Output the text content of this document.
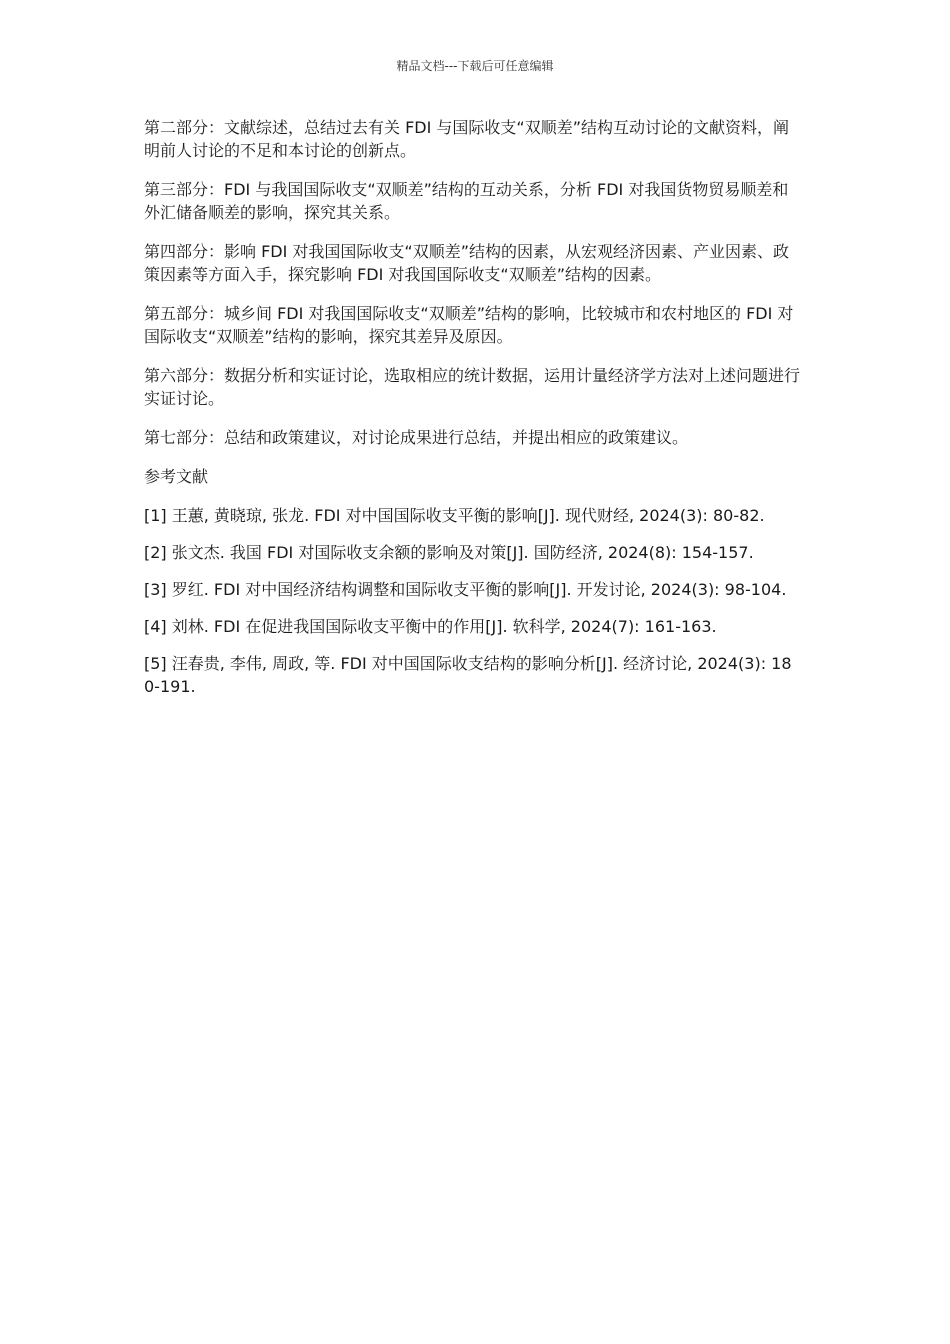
精品文档---下载后可任意编辑

第二部分：文献综述，总结过去有关 FDI 与国际收支“双顺差”结构互动讨论的文献资料，阐明前人讨论的不足和本讨论的创新点。

第三部分：FDI 与我国国际收支“双顺差”结构的互动关系，分析 FDI 对我国货物贸易顺差和外汇储备顺差的影响，探究其关系。

第四部分：影响 FDI 对我国国际收支“双顺差”结构的因素，从宏观经济因素、产业因素、政策因素等方面入手，探究影响 FDI 对我国国际收支“双顺差”结构的因素。

第五部分：城乡间 FDI 对我国国际收支“双顺差”结构的影响，比较城市和农村地区的 FDI 对国际收支“双顺差”结构的影响，探究其差异及原因。

第六部分：数据分析和实证讨论，选取相应的统计数据，运用计量经济学方法对上述问题进行实证讨论。

第七部分：总结和政策建议，对讨论成果进行总结，并提出相应的政策建议。

参考文献

[1] 王蕙, 黄晓琼, 张龙. FDI 对中国国际收支平衡的影响[J]. 现代财经, 2024(3): 80-82.

[2] 张文杰. 我国 FDI 对国际收支余额的影响及对策[J]. 国防经济, 2024(8): 154-157.

[3] 罗红. FDI 对中国经济结构调整和国际收支平衡的影响[J]. 开发讨论, 2024(3): 98-104.

[4] 刘林. FDI 在促进我国国际收支平衡中的作用[J]. 软科学, 2024(7): 161-163.

[5] 汪春贵, 李伟, 周政, 等. FDI 对中国国际收支结构的影响分析[J]. 经济讨论, 2024(3): 180-191.
